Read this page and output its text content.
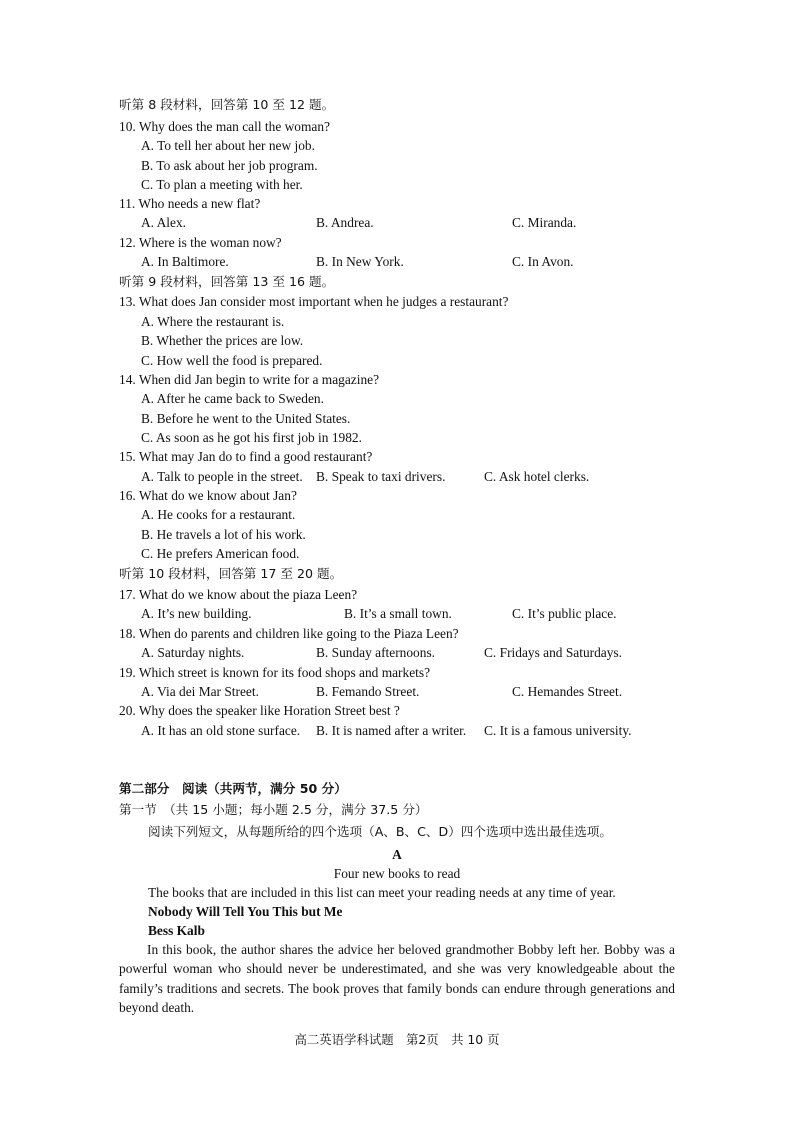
听第 8 段材料，回答第 10 至 12 题。
10. Why does the man call the woman?
A. To tell her about her new job.
B. To ask about her job program.
C. To plan a meeting with her.
11. Who needs a new flat?
A. Alex.	B. Andrea.	C. Miranda.
12. Where is the woman now?
A. In Baltimore.	B. In New York.	C. In Avon.
听第 9 段材料，回答第 13 至 16 题。
13. What does Jan consider most important when he judges a restaurant?
A. Where the restaurant is.
B. Whether the prices are low.
C. How well the food is prepared.
14. When did Jan begin to write for a magazine?
A. After he came back to Sweden.
B. Before he went to the United States.
C. As soon as he got his first job in 1982.
15. What may Jan do to find a good restaurant?
A. Talk to people in the street. B. Speak to taxi drivers.	C. Ask hotel clerks.
16. What do we know about Jan?
A. He cooks for a restaurant.
B. He travels a lot of his work.
C. He prefers American food.
听第 10 段材料，回答第 17 至 20 题。
17. What do we know about the piaza Leen?
A. It’s new building.	B. It’s a small town.	C. It’s public place.
18. When do parents and children like going to the Piaza Leen?
A. Saturday nights.	B. Sunday afternoons.	C. Fridays and Saturdays.
19. Which street is known for its food shops and markets?
A. Via dei Mar Street.	B. Femando Street.	C. Hemandes Street.
20. Why does the speaker like Horation Street best ?
A. It has an old stone surface. B. It is named after a writer. C. It is a famous university.
第二部分　阅读（共两节，满分 50 分）
第一节　（共 15 小题；每小题 2.5 分，满分 37.5 分）
阅读下列短文，从每题所给的四个选项（A、B、C、D）四个选项中选出最佳选项。
A
Four new books to read
The books that are included in this list can meet your reading needs at any time of year.
Nobody Will Tell You This but Me
Bess Kalb
In this book, the author shares the advice her beloved grandmother Bobby left her. Bobby was a powerful woman who should never be underestimated, and she was very knowledgeable about the family’s traditions and secrets. The book proves that family bonds can endure through generations and beyond death.
高二英语学科试题　第2页　共 10 页
